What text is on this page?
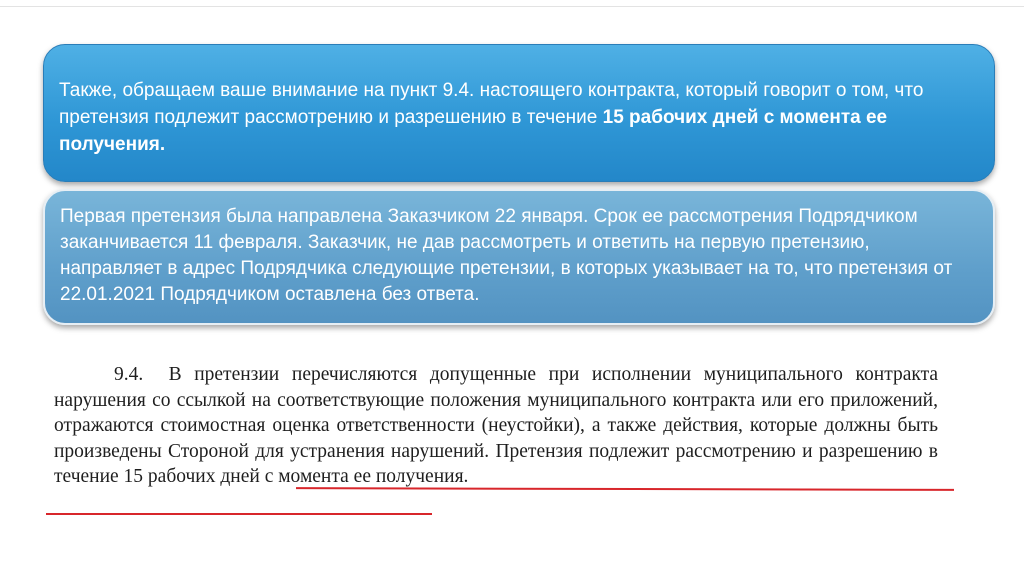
Также, обращаем ваше внимание на пункт 9.4. настоящего контракта, который говорит о том, что претензия подлежит рассмотрению и разрешению в течение 15 рабочих дней с момента ее получения.
Первая претензия была направлена Заказчиком 22 января. Срок ее рассмотрения Подрядчиком заканчивается 11 февраля. Заказчик, не дав рассмотреть и ответить на первую претензию, направляет в адрес Подрядчика следующие претензии, в которых указывает на то, что претензия от 22.01.2021 Подрядчиком оставлена без ответа.
9.4. В претензии перечисляются допущенные при исполнении муниципального контракта нарушения со ссылкой на соответствующие положения муниципального контракта или его приложений, отражаются стоимостная оценка ответственности (неустойки), а также действия, которые должны быть произведены Стороной для устранения нарушений. Претензия подлежит рассмотрению и разрешению в течение 15 рабочих дней с момента ее получения.
